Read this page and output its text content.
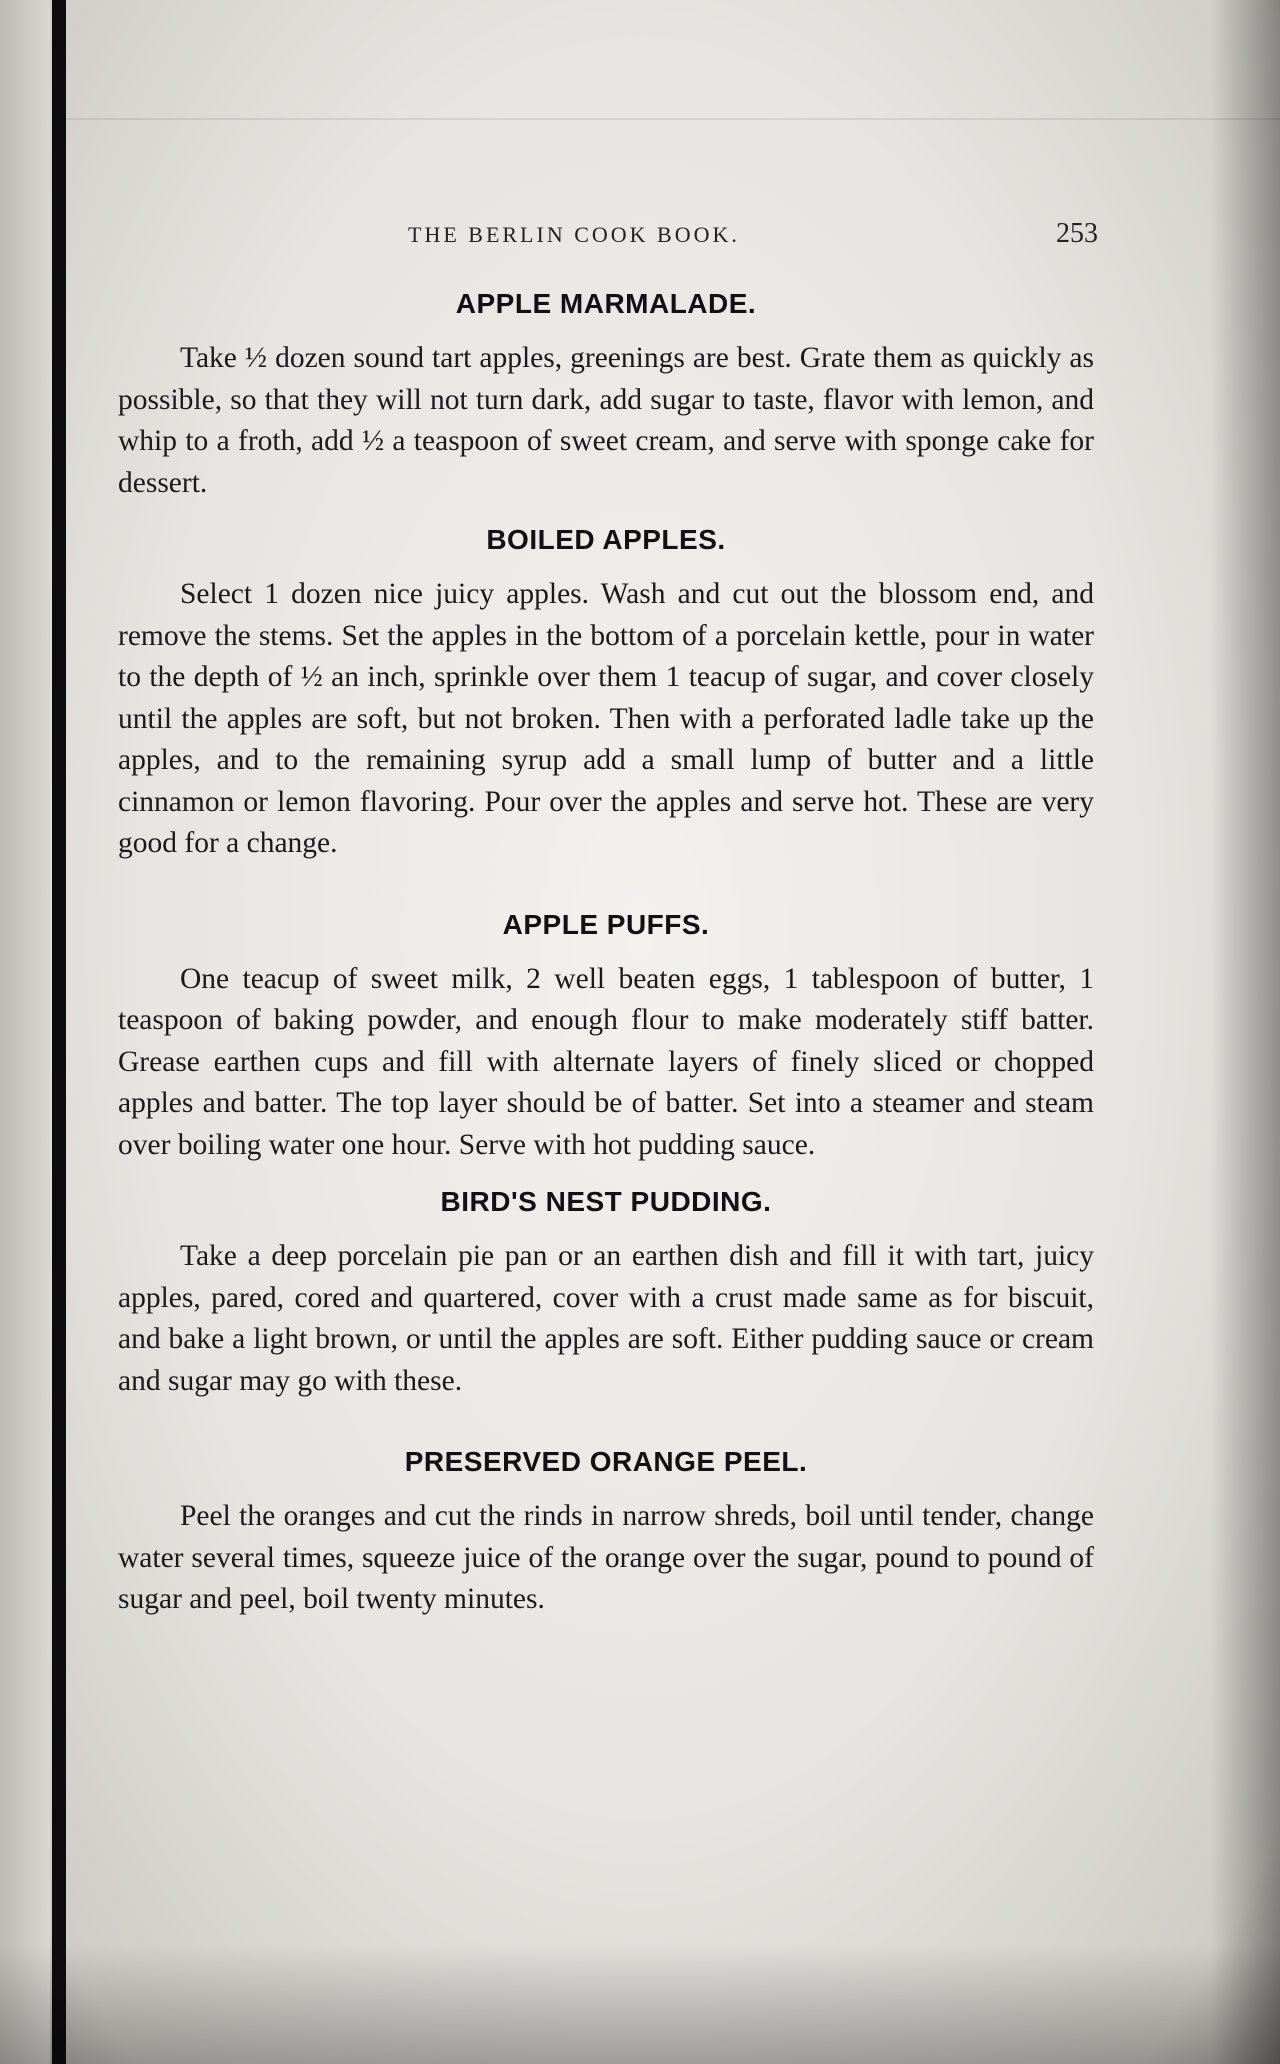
THE BERLIN COOK BOOK.	253
APPLE MARMALADE.

Take ½ dozen sound tart apples, greenings are best. Grate them as quickly as possible, so that they will not turn dark, add sugar to taste, flavor with lemon, and whip to a froth, add ½ a teaspoon of sweet cream, and serve with sponge cake for dessert.

BOILED APPLES.

Select 1 dozen nice juicy apples. Wash and cut out the blossom end, and remove the stems. Set the apples in the bottom of a porcelain kettle, pour in water to the depth of ½ an inch, sprinkle over them 1 teacup of sugar, and cover closely until the apples are soft, but not broken. Then with a perforated ladle take up the apples, and to the remaining syrup add a small lump of butter and a little cinnamon or lemon flavoring. Pour over the apples and serve hot. These are very good for a change.

APPLE PUFFS.

One teacup of sweet milk, 2 well beaten eggs, 1 tablespoon of butter, 1 teaspoon of baking powder, and enough flour to make moderately stiff batter. Grease earthen cups and fill with alternate layers of finely sliced or chopped apples and batter. The top layer should be of batter. Set into a steamer and steam over boiling water one hour. Serve with hot pudding sauce.

BIRD'S NEST PUDDING.

Take a deep porcelain pie pan or an earthen dish and fill it with tart, juicy apples, pared, cored and quartered, cover with a crust made same as for biscuit, and bake a light brown, or until the apples are soft. Either pudding sauce or cream and sugar may go with these.

PRESERVED ORANGE PEEL.

Peel the oranges and cut the rinds in narrow shreds, boil until tender, change water several times, squeeze juice of the orange over the sugar, pound to pound of sugar and peel, boil twenty minutes.
